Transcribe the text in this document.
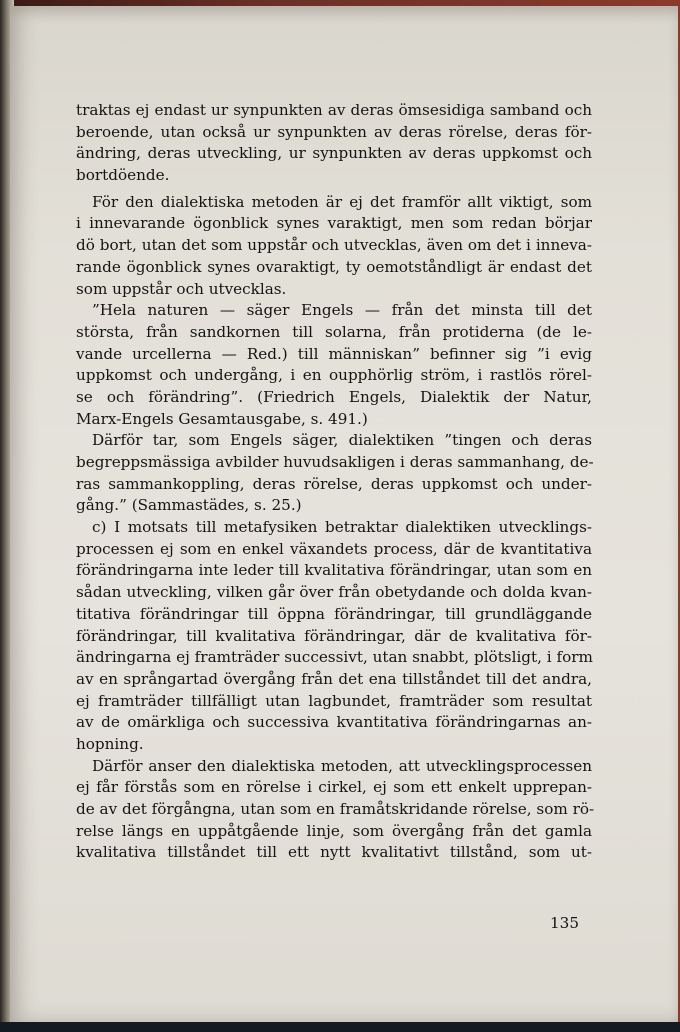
traktas ej endast ur synpunkten av deras ömsesidiga samband och
beroende, utan också ur synpunkten av deras rörelse, deras för-
ändring, deras utveckling, ur synpunkten av deras uppkomst och
bortdöende.
För den dialektiska metoden är ej det framför allt viktigt, som
i innevarande ögonblick synes varaktigt, men som redan börjar
dö bort, utan det som uppstår och utvecklas, även om det i inneva-
rande ögonblick synes ovaraktigt, ty oemotståndligt är endast det
som uppstår och utvecklas.
”Hela naturen — säger Engels — från det minsta till det
största, från sandkornen till solarna, från protiderna (de le-
vande urcellerna — Red.) till människan” befinner sig ”i evig
uppkomst och undergång, i en oupphörlig ström, i rastlös rörel-
se och förändring”. (Friedrich Engels, Dialektik der Natur,
Marx-Engels Gesamtausgabe, s. 491.)
Därför tar, som Engels säger, dialektiken ”tingen och deras
begreppsmässiga avbilder huvudsakligen i deras sammanhang, de-
ras sammankoppling, deras rörelse, deras uppkomst och under-
gång.” (Sammastädes, s. 25.)
c) I motsats till metafysiken betraktar dialektiken utvecklings-
processen ej som en enkel växandets process, där de kvantitativa
förändringarna inte leder till kvalitativa förändringar, utan som en
sådan utveckling, vilken går över från obetydande och dolda kvan-
titativa förändringar till öppna förändringar, till grundläggande
förändringar, till kvalitativa förändringar, där de kvalitativa för-
ändringarna ej framträder successivt, utan snabbt, plötsligt, i form
av en språngartad övergång från det ena tillståndet till det andra,
ej framträder tillfälligt utan lagbundet, framträder som resultat
av de omärkliga och successiva kvantitativa förändringarnas an-
hopning.
Därför anser den dialektiska metoden, att utvecklingsprocessen
ej får förstås som en rörelse i cirkel, ej som ett enkelt upprepan-
de av det förgångna, utan som en framåtskridande rörelse, som rö-
relse längs en uppåtgående linje, som övergång från det gamla
kvalitativa tillståndet till ett nytt kvalitativt tillstånd, som ut-
135
